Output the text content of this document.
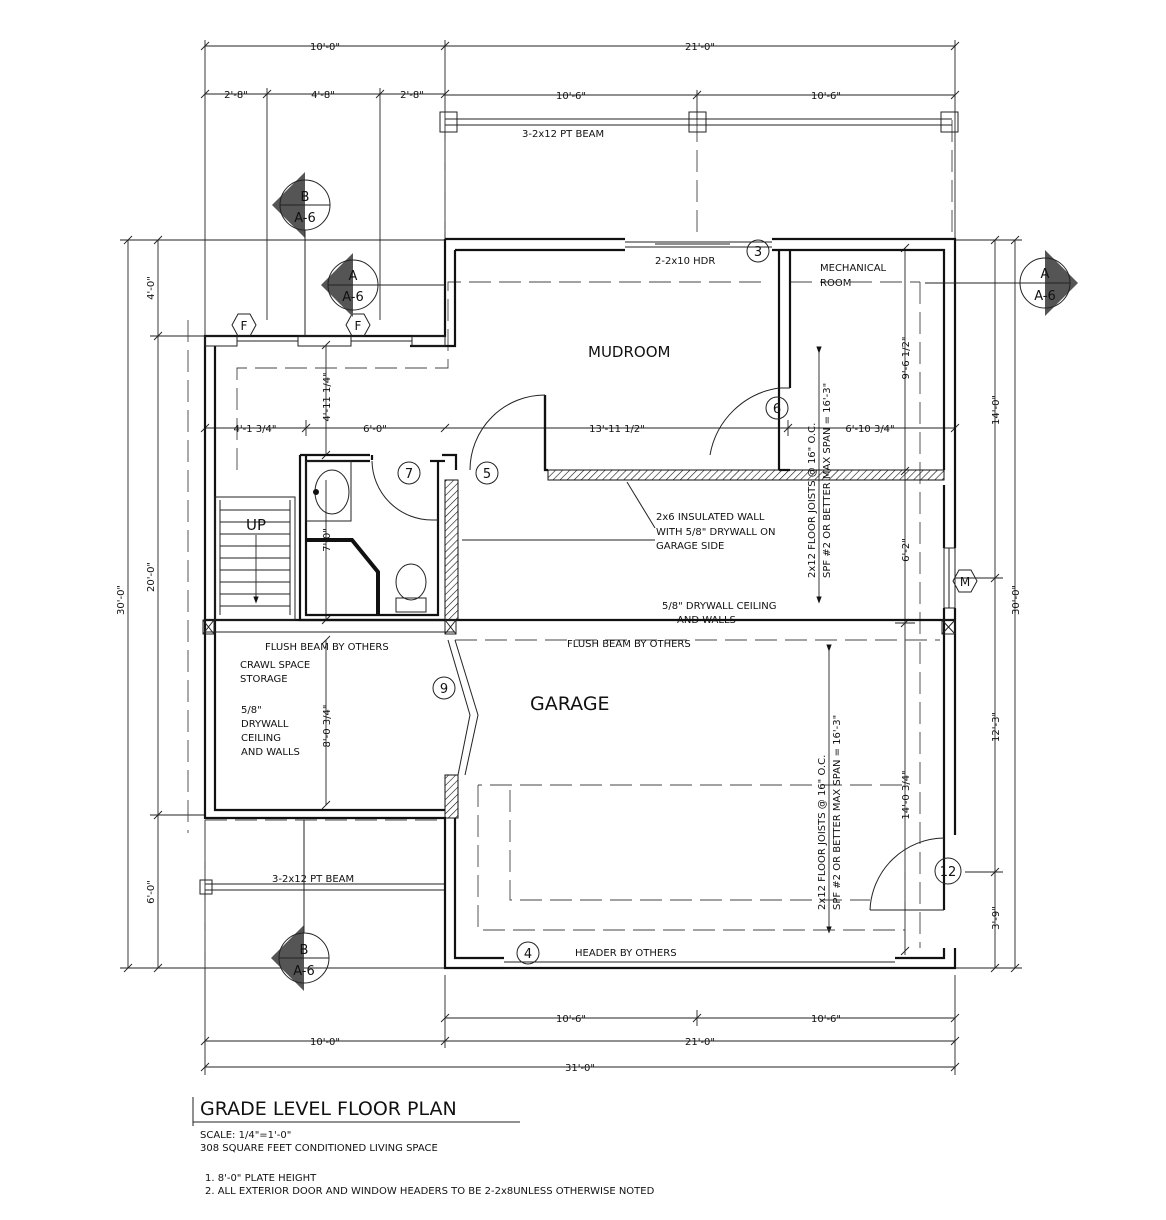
10'-0"	21'-0"
2'-8"	4'-8"	2'-8"	10'-6"	10'-6"
30'-0"
4'-0"
20'-0"
6'-0"
14'-0"
30'-0"
9'-6 1/2"
6'-2"
12'-3"
14'-0 3/4"
3'-9"
4'-1 3/4"	6'-0"	13'-11 1/2"	6'-10 3/4"
4'-11 1/4"
7'-0"
8'-0 3/4"
10'-6"	10'-6"
10'-0"	21'-0"
31'-0"
3-2x12 PT BEAM
2-2x10 HDR
MECHANICAL
ROOM
MUDROOM
GARAGE
UP	2x6 INSULATED WALL
WITH 5/8" DRYWALL ON
GARAGE SIDE
5/8" DRYWALL CEILING
AND WALLS
FLUSH BEAM BY OTHERS	FLUSH BEAM BY OTHERS
CRAWL SPACE
STORAGE
5/8"
DRYWALL
CEILING
AND WALLS
3-2x12 PT BEAM
HEADER BY OTHERS
2x12 FLOOR JOISTS @ 16" O.C. SPF #2 OR BETTER MAX SPAN = 16'-3"
2x12 FLOOR JOISTS @ 16" O.C. SPF #2 OR BETTER MAX SPAN = 16'-3"
3
4
5
6
7
9
12
F	F
M
B
A-6
A
A-6
A
A-6
B
A-6
GRADE LEVEL FLOOR PLAN
SCALE: 1/4"=1'-0"
308 SQUARE FEET CONDITIONED LIVING SPACE
1. 8'-0" PLATE HEIGHT
2. ALL EXTERIOR DOOR AND WINDOW HEADERS TO BE 2-2x8UNLESS OTHERWISE NOTED
